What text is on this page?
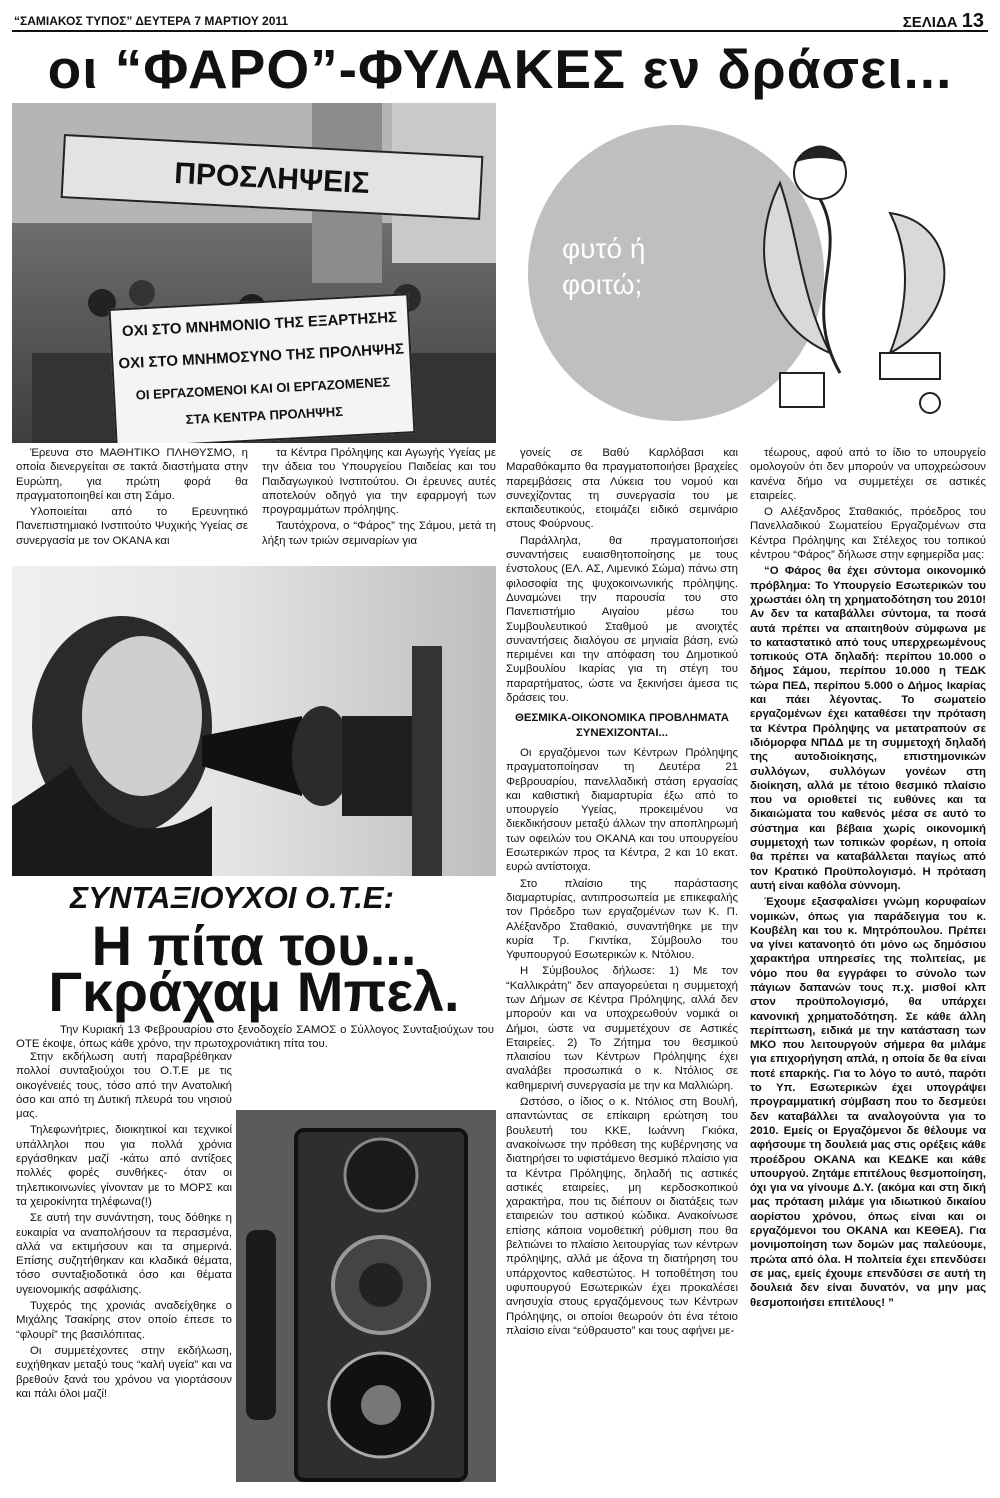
“ΣΑΜΙΑΚΟΣ ΤΥΠΟΣ” ΔΕΥΤΕΡΑ 7 ΜΑΡΤΙΟΥ 2011	ΣΕΛΙΔΑ 13
οι “ΦΑΡΟ”-ΦΥΛΑΚΕΣ εν δράσει...
ΠΡΟΣΛΗΨΕΙΣ
ΟΧΙ ΣΤΟ ΜΝΗΜΟΝΙΟ ΤΗΣ ΕΞΑΡΤΗΣΗΣ
ΟΧΙ ΣΤΟ ΜΝΗΜΟΣΥΝΟ ΤΗΣ ΠΡΟΛΗΨΗΣ
ΟΙ ΕΡΓΑΖΟΜΕΝΟΙ ΚΑΙ ΟΙ ΕΡΓΑΖΟΜΕΝΕΣ
ΣΤΑ ΚΕΝΤΡΑ ΠΡΟΛΗΨΗΣ
φυτό ή
φοιτώ;

Έρευνα στο ΜΑΘΗΤΙΚΟ ΠΛΗΘΥΣΜΟ, η οποία διενεργείται σε τακτά διαστήματα στην Ευρώπη, για πρώτη φορά θα πραγματοποιηθεί και στη Σάμο.

Υλοποιείται από το Ερευνητικό Πανεπιστημιακό Ινστιτούτο Ψυχικής Υγείας σε συνεργασία με τον ΟΚΑΝΑ και

τα Κέντρα Πρόληψης και Αγωγής Υγείας με την άδεια του Υπουργείου Παιδείας και του Παιδαγωγικού Ινστιτούτου. Οι έρευνες αυτές αποτελούν οδηγό για την εφαρμογή των προγραμμάτων πρόληψης.

Ταυτόχρονα, ο “Φάρος” της Σάμου, μετά τη λήξη των τριών σεμιναρίων για

γονείς σε Βαθύ Καρλόβασι και Μαραθόκαμπο θα πραγματοποιήσει βραχείες παρεμβάσεις στα Λύκεια του νομού και συνεχίζοντας τη συνεργασία του με εκπαιδευτικούς, ετοιμάζει ειδικό σεμινάριο στους Φούρνους.

Παράλληλα, θα πραγματοποιήσει συναντήσεις ευαισθητοποίησης με τους ένστολους (ΕΛ. ΑΣ, Λιμενικό Σώμα) πάνω στη φιλοσοφία της ψυχοκοινωνικής πρόληψης. Δυναμώνει την παρουσία του στο Πανεπιστήμιο Αιγαίου μέσω του Συμβουλευτικού Σταθμού με ανοιχτές συναντήσεις διαλόγου σε μηνιαία βάση, ενώ περιμένει και την απόφαση του Δημοτικού Συμβουλίου Ικαρίας για τη στέγη του παραρτήματος, ώστε να ξεκινήσει άμεσα τις δράσεις του.

ΘΕΣΜΙΚΑ-ΟΙΚΟΝΟΜΙΚΑ ΠΡΟΒΛΗΜΑΤΑ ΣΥΝΕΧΙΖΟΝΤΑΙ...

Οι εργαζόμενοι των Κέντρων Πρόληψης πραγματοποίησαν τη Δευτέρα 21 Φεβρουαρίου, πανελλαδική στάση εργασίας και καθιστική διαμαρτυρία έξω από το υπουργείο Υγείας, προκειμένου να διεκδικήσουν μεταξύ άλλων την αποπληρωμή των οφειλών του ΟΚΑΝΑ και του υπουργείου Εσωτερικών προς τα Κέντρα, 2 και 10 εκατ. ευρώ αντίστοιχα.

Στο πλαίσιο της παράστασης διαμαρτυρίας, αντιπροσωπεία με επικεφαλής τον Πρόεδρο των εργαζομένων των Κ. Π. Αλέξανδρο Σταθακιό, συναντήθηκε με την κυρία Τρ. Γκιντίκα, Σύμβουλο του Υφυπουργού Εσωτερικών κ. Ντόλιου.

Η Σύμβουλος δήλωσε: 1) Με τον “Καλλικράτη” δεν απαγορεύεται η συμμετοχή των Δήμων σε Κέντρα Πρόληψης, αλλά δεν μπορούν και να υποχρεωθούν νομικά οι Δήμοι, ώστε να συμμετέχουν σε Αστικές Εταιρείες. 2) Το Ζήτημα του θεσμικού πλαισίου των Κέντρων Πρόληψης έχει αναλάβει προσωπικά ο κ. Ντόλιος σε καθημερινή συνεργασία με την κα Μαλλιώρη.

Ωστόσο, ο ίδιος ο κ. Ντόλιος στη Βουλή, απαντώντας σε επίκαιρη ερώτηση του βουλευτή του ΚΚΕ, Ιωάννη Γκιόκα, ανακοίνωσε την πρόθεση της κυβέρνησης να διατηρήσει το υφιστάμενο θεσμικό πλαίσιο για τα Κέντρα Πρόληψης, δηλαδή τις αστικές αστικές εταιρείες, μη κερδοσκοπικού χαρακτήρα, που τις διέπουν οι διατάξεις των εταιρειών του αστικού κώδικα. Ανακοίνωσε επίσης κάποια νομοθετική ρύθμιση που θα βελτιώνει το πλαίσιο λειτουργίας των κέντρων πρόληψης, αλλά με άξονα τη διατήρηση του υπάρχοντος καθεστώτος. Η τοποθέτηση του υφυπουργού Εσωτερικών έχει προκαλέσει ανησυχία στους εργαζόμενους των Κέντρων Πρόληψης, οι οποίοι θεωρούν ότι ένα τέτοιο πλαίσιο είναι “εύθραυστο” και τους αφήνει με-

τέωρους, αφού από το ίδιο το υπουργείο ομολογούν ότι δεν μπορούν να υποχρεώσουν κανένα δήμο να συμμετέχει σε αστικές εταιρείες.

Ο Αλέξανδρος Σταθακιός, πρόεδρος του Πανελλαδικού Σωματείου Εργαζομένων στα Κέντρα Πρόληψης και Στέλεχος του τοπικού κέντρου “Φάρος” δήλωσε στην εφημερίδα μας:

“Ο Φάρος θα έχει σύντομα οικονομικό πρόβλημα: Το Υπουργείο Εσωτερικών του χρωστάει όλη τη χρηματοδότηση του 2010! Αν δεν τα καταβάλλει σύντομα, τα ποσά αυτά πρέπει να απαιτηθούν σύμφωνα με το καταστατικό από τους υπερχρεωμένους τοπικούς ΟΤΑ δηλαδή: περίπου 10.000 ο δήμος Σάμου, περίπου 10.000 η ΤΕΔΚ τώρα ΠΕΔ, περίπου 5.000 ο Δήμος Ικαρίας και πάει λέγοντας. Το σωματείο εργαζομένων έχει καταθέσει την πρόταση τα Κέντρα Πρόληψης να μετατραπούν σε ιδιόμορφα ΝΠΔΔ με τη συμμετοχή δηλαδή της αυτοδιοίκησης, επιστημονικών συλλόγων, συλλόγων γονέων στη διοίκηση, αλλά με τέτοιο θεσμικό πλαίσιο που να οριοθετεί τις ευθύνες και τα δικαιώματα του καθενός μέσα σε αυτό το σύστημα και βέβαια χωρίς οικονομική συμμετοχή των τοπικών φορέων, η οποία θα πρέπει να καταβάλλεται παγίως από τον Κρατικό Προϋπολογισμό. Η πρόταση αυτή είναι καθόλα σύννομη.

Έχουμε εξασφαλίσει γνώμη κορυφαίων νομικών, όπως για παράδειγμα του κ. Κουβέλη και του κ. Μητρόπουλου. Πρέπει να γίνει κατανοητό ότι μόνο ως δημόσιου χαρακτήρα υπηρεσίες της πολιτείας, με νόμο που θα εγγράφει το σύνολο των πάγιων δαπανών τους π.χ. μισθοί κλπ στον προϋπολογισμό, θα υπάρχει κανονική χρηματοδότηση. Σε κάθε άλλη περίπτωση, ειδικά με την κατάσταση των ΜΚΟ που λειτουργούν σήμερα θα μιλάμε για επιχορήγηση απλά, η οποία δε θα είναι ποτέ επαρκής. Για το λόγο το αυτό, παρότι το Υπ. Εσωτερικών έχει υπογράψει προγραμματική σύμβαση που το δεσμεύει δεν καταβάλλει τα αναλογούντα για το 2010. Εμείς οι Εργαζόμενοι δε θέλουμε να αφήσουμε τη δουλειά μας στις ορέξεις κάθε προέδρου ΟΚΑΝΑ και ΚΕΔΚΕ και κάθε υπουργού. Ζητάμε επιτέλους θεσμοποίηση, όχι για να γίνουμε Δ.Υ. (ακόμα και στη δική μας πρόταση μιλάμε για ιδιωτικού δικαίου αορίστου χρόνου, όπως είναι και οι εργαζόμενοι του ΟΚΑΝΑ και ΚΕΘΕΑ). Για μονιμοποίηση των δομών μας παλεύουμε, πρώτα από όλα. Η πολιτεία έχει επενδύσει σε μας, εμείς έχουμε επενδύσει σε αυτή τη δουλειά δεν είναι δυνατόν, να μην μας θεσμοποιήσει επιτέλους! ”

ΣΥΝΤΑΞΙΟΥΧΟΙ Ο.Τ.Ε:
Η πίτα του...
Γκράχαμ Μπελ.
Την Κυριακή 13 Φεβρουαρίου στο ξενοδοχείο ΣΑΜΟΣ ο Σύλλογος Συνταξιούχων του ΟΤΕ έκοψε, όπως κάθε χρόνο, την πρωτοχρονιάτικη πίτα του.

Στην εκδήλωση αυτή παραβρέθηκαν πολλοί συνταξιούχοι του Ο.Τ.Ε με τις οικογένειές τους, τόσο από την Ανατολική όσο και από τη Δυτική πλευρά του νησιού μας.

Τηλεφωνήτριες, διοικητικοί και τεχνικοί υπάλληλοι που για πολλά χρόνια εργάσθηκαν μαζί -κάτω από αντίξοες πολλές φορές συνθήκες- όταν οι τηλεπικοινωνίες γίνονταν με το ΜΟΡΣ και τα χειροκίνητα τηλέφωνα(!)

Σε αυτή την συνάντηση, τους δόθηκε η ευκαιρία να αναπολήσουν τα περασμένα, αλλά να εκτιμήσουν και τα σημερινά. Επίσης συζητήθηκαν και κλαδικά θέματα, τόσο συνταξιοδοτικά όσο και θέματα υγειονομικής ασφάλισης.

Τυχερός της χρονιάς αναδείχθηκε ο Μιχάλης Τσακίρης στον οποίο έπεσε το “φλουρί” της βασιλόπιτας.

Οι συμμετέχοντες στην εκδήλωση, ευχήθηκαν μεταξύ τους “καλή υγεία” και να βρεθούν ξανά του χρόνου να γιορτάσουν και πάλι όλοι μαζί!
